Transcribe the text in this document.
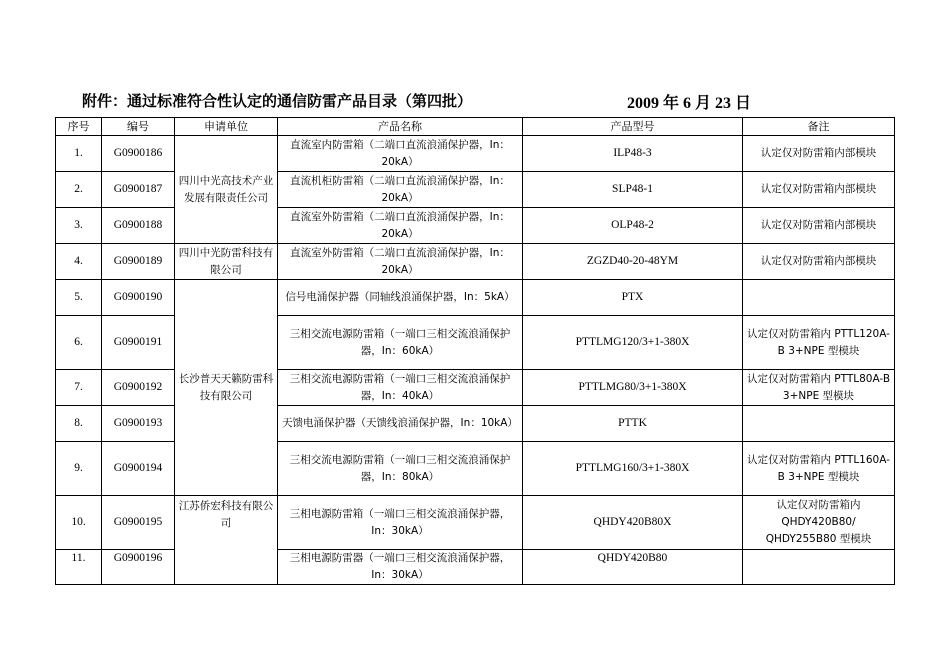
附件：通过标准符合性认定的通信防雷产品目录（第四批）	2009 年 6 月 23 日
序号	编号	申请单位	产品名称	产品型号	备注
1.	G0900186	四川中光高技术产业发展有限责任公司	直流室内防雷箱（二端口直流浪涌保护器，In：20kA）	ILP48-3	认定仅对防雷箱内部模块
2.	G0900187		直流机柜防雷箱（二端口直流浪涌保护器，In：20kA）	SLP48-1	认定仅对防雷箱内部模块
3.	G0900188		直流室外防雷箱（二端口直流浪涌保护器，In：20kA）	OLP48-2	认定仅对防雷箱内部模块
4.	G0900189	四川中光防雷科技有限公司	直流室外防雷箱（二端口直流浪涌保护器，In：20kA）	ZGZD40-20-48YM	认定仅对防雷箱内部模块
5.	G0900190	长沙普天天籁防雷科技有限公司	信号电涌保护器（同轴线浪涌保护器，In：5kA）	PTX	
6.	G0900191		三相交流电源防雷箱（一端口三相交流浪涌保护器，In：60kA）	PTTLMG120/3+1-380X	认定仅对防雷箱内 PTTL120A-B 3+NPE 型模块
7.	G0900192		三相交流电源防雷箱（一端口三相交流浪涌保护器，In：40kA）	PTTLMG80/3+1-380X	认定仅对防雷箱内 PTTL80A-B 3+NPE 型模块
8.	G0900193		天馈电涌保护器（天馈线浪涌保护器，In：10kA）	PTTK	
9.	G0900194		三相交流电源防雷箱（一端口三相交流浪涌保护器，In：80kA）	PTTLMG160/3+1-380X	认定仅对防雷箱内 PTTL160A-B 3+NPE 型模块
10.	G0900195	江苏侨宏科技有限公司	三相电源防雷箱（一端口三相交流浪涌保护器，In：30kA）	QHDY420B80X	认定仅对防雷箱内 QHDY420B80/ QHDY255B80 型模块
11.	G0900196		三相电源防雷器（一端口三相交流浪涌保护器，In：30kA）	QHDY420B80	
